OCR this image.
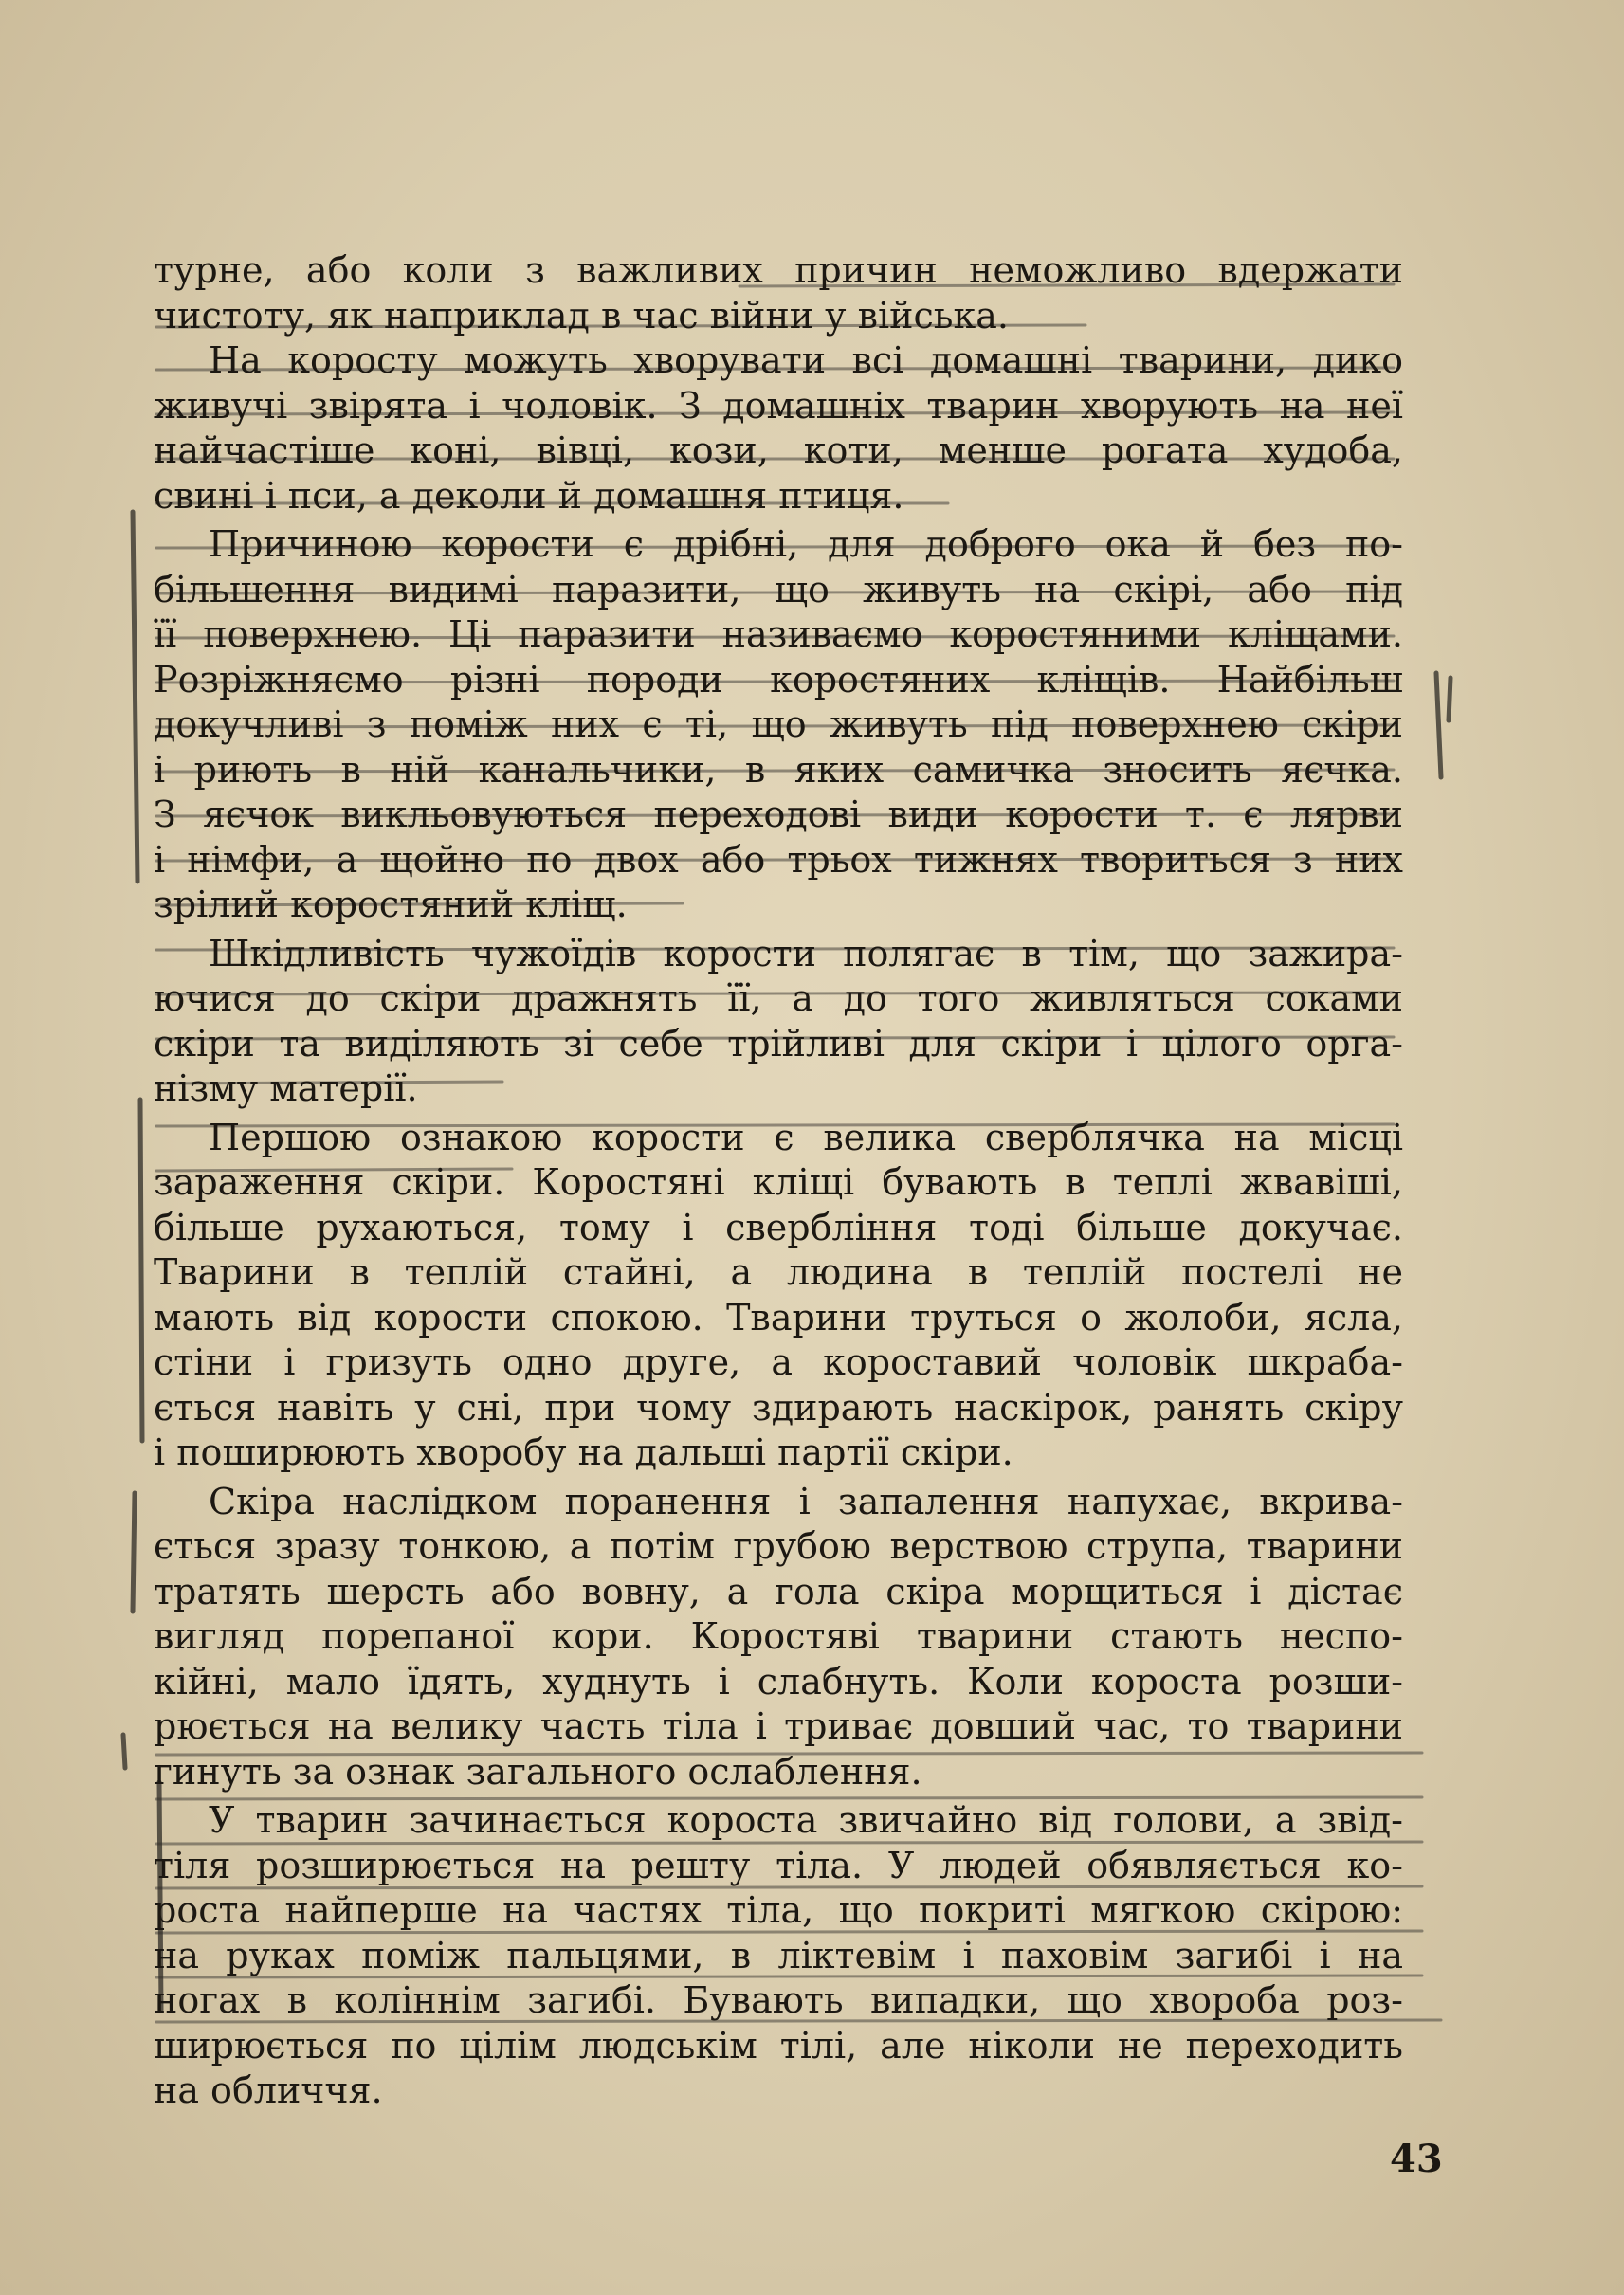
турне, або коли з важливих причин неможливо вдержати
чистоту, як наприклад в час війни у війська.
На коросту можуть хворувати всі домашні тварини, дико
живучі звірята і чоловік. З домашніх тварин хворують на неї
найчастіше коні, вівці, кози, коти, менше рогата худоба,
свині і пси, а деколи й домашня птиця.
Причиною корости є дрібні, для доброго ока й без по-
більшення видимі паразити, що живуть на скірі, або під
її поверхнею. Ці паразити називаємо коростяними кліщами.
Розріжняємо різні породи коростяних кліщів. Найбільш
докучливі з поміж них є ті, що живуть під поверхнею скіри
і риють в ній канальчики, в яких самичка зносить яєчка.
З яєчок викльовуються переходові види корости т. є лярви
і німфи, а щойно по двох або трьох тижнях твориться з них
зрілий коростяний кліщ.
Шкідливість чужоїдів корости полягає в тім, що зажира-
ючися до скіри дражнять її, а до того живляться соками
скіри та виділяють зі себе трійливі для скіри і цілого орга-
нізму матерії.
Першою ознакою корости є велика сверблячка на місці
зараження скіри. Коростяні кліщі бувають в теплі жвавіші,
більше рухаються, тому і свербління тоді більше докучає.
Тварини в теплій стайні, а людина в теплій постелі не
мають від корости спокою. Тварини труться о жолоби, ясла,
стіни і гризуть одно друге, а короставий чоловік шкраба-
ється навіть у сні, при чому здирають наскірок, ранять скіру
і поширюють хворобу на дальші партії скіри.
Скіра наслідком поранення і запалення напухає, вкрива-
ється зразу тонкою, а потім грубою верствою струпа, тварини
тратять шерсть або вовну, а гола скіра морщиться і дістає
вигляд порепаної кори. Коростяві тварини стають неспо-
кійні, мало їдять, худнуть і слабнуть. Коли короста розши-
рюється на велику часть тіла і триває довший час, то тварини
гинуть за ознак загального ослаблення.
У тварин зачинається короста звичайно від голови, а звід-
тіля розширюється на решту тіла. У людей обявляється ко-
роста найперше на частях тіла, що покриті мягкою скірою:
на руках поміж пальцями, в ліктевім і паховім загибі і на
ногах в коліннім загибі. Бувають випадки, що хвороба роз-
ширюється по цілім людськім тілі, але ніколи не переходить
на обличчя.
43
